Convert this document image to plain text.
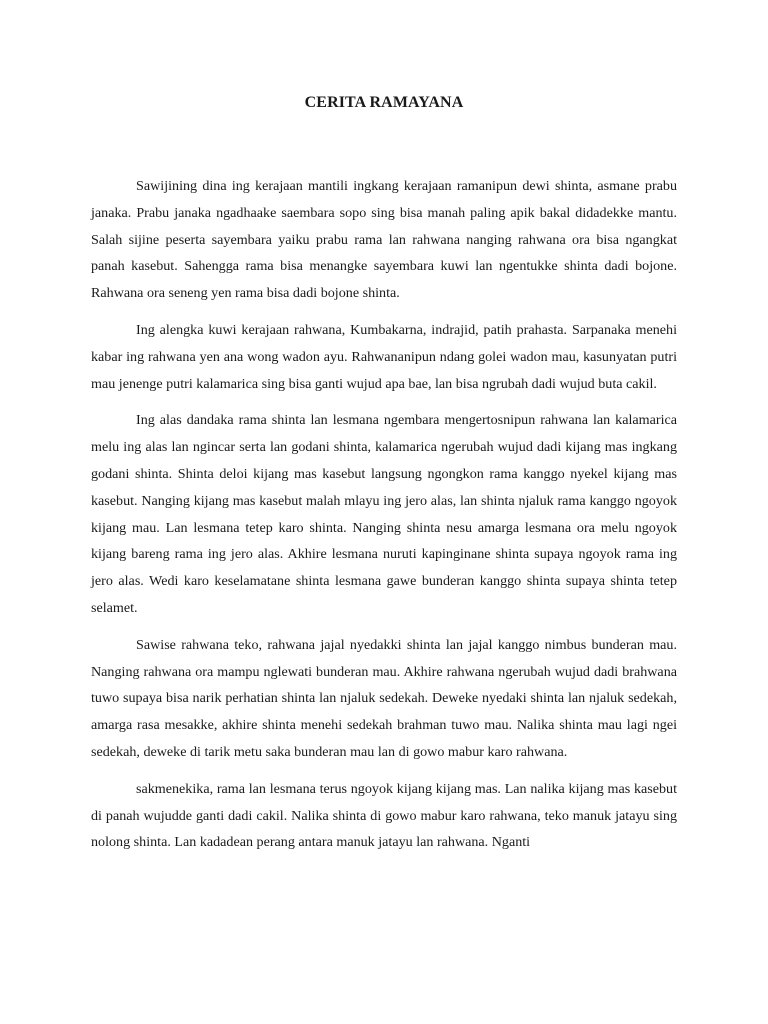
CERITA RAMAYANA

Sawijining dina ing kerajaan mantili ingkang kerajaan ramanipun dewi shinta, asmane prabu janaka. Prabu janaka ngadhaake saembara sopo sing bisa manah paling apik bakal didadekke mantu. Salah sijine peserta sayembara yaiku prabu rama lan rahwana nanging rahwana ora bisa ngangkat panah kasebut. Sahengga rama bisa menangke sayembara kuwi lan ngentukke shinta dadi bojone. Rahwana ora seneng yen rama bisa dadi bojone shinta.

Ing alengka kuwi kerajaan rahwana, Kumbakarna, indrajid, patih prahasta. Sarpanaka menehi kabar ing rahwana yen ana wong wadon ayu. Rahwananipun ndang golei wadon mau, kasunyatan putri mau jenenge putri kalamarica sing bisa ganti wujud apa bae, lan bisa ngrubah dadi wujud buta cakil.

Ing alas dandaka rama shinta lan lesmana ngembara mengertosnipun rahwana lan kalamarica melu ing alas lan ngincar serta lan godani shinta, kalamarica ngerubah wujud dadi kijang mas ingkang godani shinta. Shinta deloi kijang mas kasebut langsung ngongkon rama kanggo nyekel kijang mas kasebut. Nanging kijang mas kasebut malah mlayu ing jero alas, lan shinta njaluk rama kanggo ngoyok kijang mau. Lan lesmana tetep karo shinta. Nanging shinta nesu amarga lesmana ora melu ngoyok kijang bareng rama ing jero alas. Akhire lesmana nuruti kapinginane shinta supaya ngoyok rama ing jero alas. Wedi karo keselamatane shinta lesmana gawe bunderan kanggo shinta supaya shinta tetep selamet.

Sawise rahwana teko, rahwana jajal nyedakki shinta lan jajal kanggo nimbus bunderan mau. Nanging rahwana ora mampu nglewati bunderan mau. Akhire rahwana ngerubah wujud dadi brahwana tuwo supaya bisa narik perhatian shinta lan njaluk sedekah. Deweke nyedaki shinta lan njaluk sedekah, amarga rasa mesakke, akhire shinta menehi sedekah brahman tuwo mau. Nalika shinta mau lagi ngei sedekah, deweke di tarik metu saka bunderan mau lan di gowo mabur karo rahwana.

sakmenekika, rama lan lesmana terus ngoyok kijang kijang mas. Lan nalika kijang mas kasebut di panah wujudde ganti dadi cakil. Nalika shinta di gowo mabur karo rahwana, teko manuk jatayu sing nolong shinta. Lan kadadean perang antara manuk jatayu lan rahwana. Nganti
